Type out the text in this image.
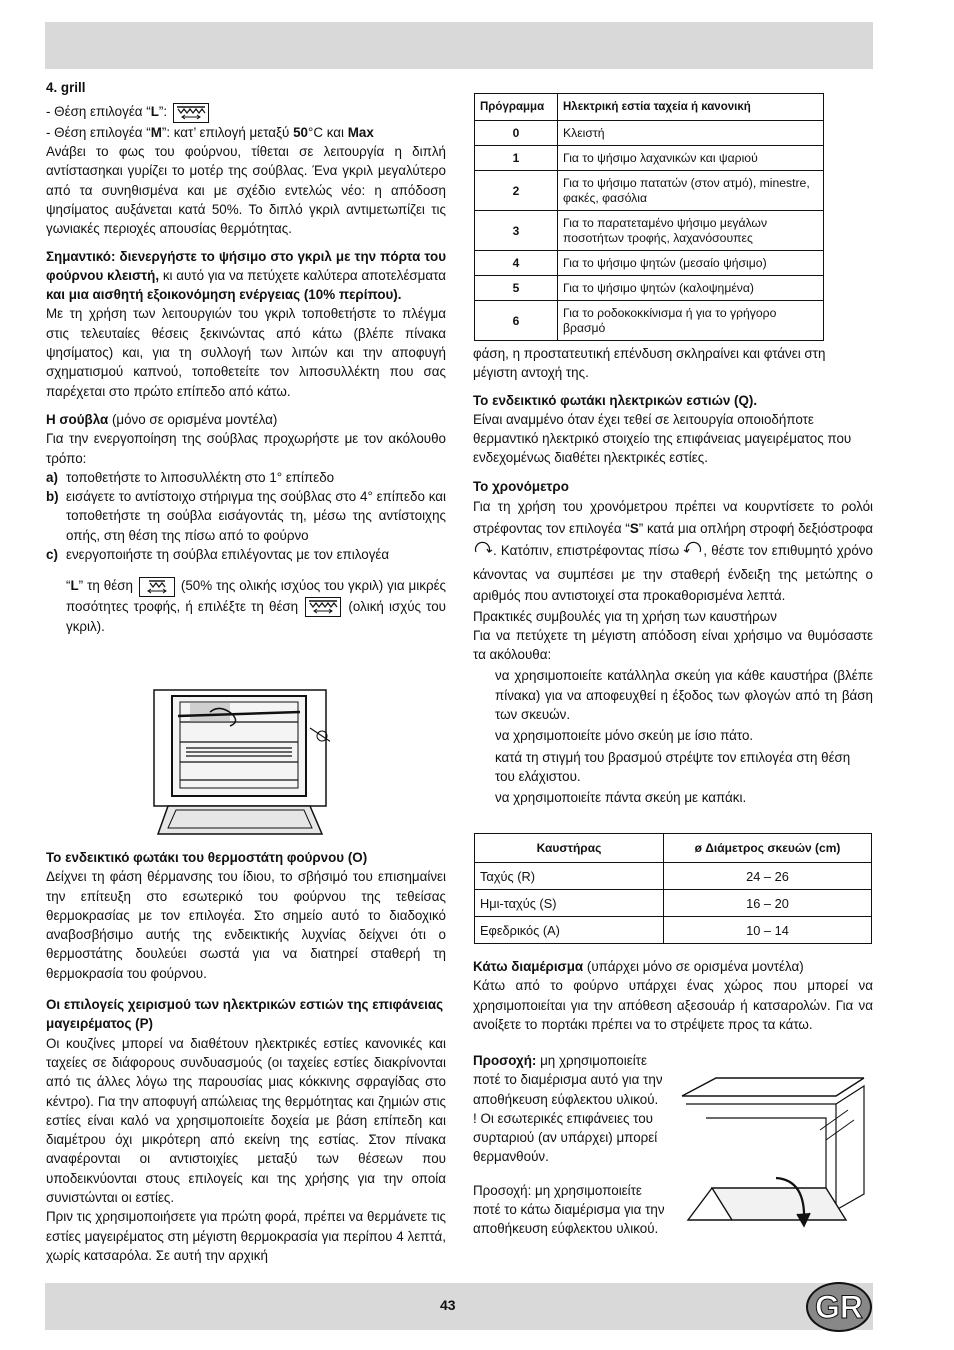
4. grill

- Θέση επιλογέα “L”:

- Θέση επιλογέα “M”: κατ’ επιλογή μεταξύ 50°C και Max

Ανάβει το φως του φούρνου, τίθεται σε λειτουργία η διπλή αντίστασηκαι γυρίζει το μοτέρ της σούβλας. Ένα γκριλ μεγαλύτερο από τα συνηθισμένα και με σχέδιο εντελώς νέο: η απόδοση ψησίματος αυξάνεται κατά 50%. Το διπλό γκριλ αντιμετωπίζει τις γωνιακές περιοχές απουσίας θερμότητας.

Σημαντικό: διενεργήστε το ψήσιμο στο γκριλ με την πόρτα του φούρνου κλειστή, κι αυτό για να πετύχετε καλύτερα αποτελέσματα και μια αισθητή εξοικονόμηση ενέργειας (10% περίπου).

Με τη χρήση των λειτουργιών του γκριλ τοποθετήστε το πλέγμα στις τελευταίες θέσεις ξεκινώντας από κάτω (βλέπε πίνακα ψησίματος) και, για τη συλλογή των λιπών και την αποφυγή σχηματισμού καπνού, τοποθετείτε τον λιποσυλλέκτη που σας παρέχεται στο πρώτο επίπεδο από κάτω.

Η σούβλα (μόνο σε ορισμένα μοντέλα)

Για την ενεργοποίηση της σούβλας προχωρήστε με τον ακόλουθο τρόπο:

a) τοποθετήστε το λιποσυλλέκτη στο 1° επίπεδο
b) εισάγετε το αντίστοιχο στήριγμα της σούβλας στο 4° επίπεδο και τοποθετήστε τη σούβλα εισάγοντάς τη, μέσω της αντίστοιχης οπής, στη θέση της πίσω από το φούρνο
c) ενεργοποιήστε τη σούβλα επιλέγοντας με τον επιλογέα
“L” τη θέση	(50% της ολικής ισχύος του γκριλ) για μικρές ποσότητες τροφής, ή επιλέξτε τη θέση	(ολική ισχύς του γκριλ).

Το ενδεικτικό φωτάκι του θερμοστάτη φούρνου (O)

Δείχνει τη φάση θέρμανσης του ίδιου, το σβήσιμό του επισημαίνει την επίτευξη στο εσωτερικό του φούρνου της τεθείσας θερμοκρασίας με τον επιλογέα. Στο σημείο αυτό το διαδοχικό αναβοσβήσιμο αυτής της ενδεικτικής λυχνίας δείχνει ότι ο θερμοστάτης δουλεύει σωστά για να διατηρεί σταθερή τη θερμοκρασία του φούρνου.

Οι επιλογείς χειρισμού των ηλεκτρικών εστιών της επιφάνειας μαγειρέματος (P)

Οι κουζίνες μπορεί να διαθέτουν ηλεκτρικές εστίες κανονικές και ταχείες σε διάφορους συνδυασμούς (οι ταχείες εστίες διακρίνονται από τις άλλες λόγω της παρουσίας μιας κόκκινης σφραγίδας στο κέντρο). Για την αποφυγή απώλειας της θερμότητας και ζημιών στις εστίες είναι καλό να χρησιμοποιείτε δοχεία με βάση επίπεδη και διαμέτρου όχι μικρότερη από εκείνη της εστίας. Στον πίνακα αναφέρονται οι αντιστοιχίες μεταξύ των θέσεων που υποδεικνύονται στους επιλογείς και της χρήσης για την οποία συνιστώνται οι εστίες.

Πριν τις χρησιμοποιήσετε για πρώτη φορά, πρέπει να θερμάνετε τις εστίες μαγειρέματος στη μέγιστη θερμοκρασία για περίπου 4 λεπτά, χωρίς κατσαρόλα. Σε αυτή την αρχική

Πρόγραμμα	Ηλεκτρική εστία ταχεία ή κανονική
0	Κλειστή
1	Για το ψήσιμο λαχανικών και ψαριού
2	Για το ψήσιμο πατατών (στον ατμό), minestre, φακές, φασόλια
3	Για το παρατεταμένο ψήσιμο μεγάλων ποσοτήτων τροφής, λαχανόσουπες
4	Για το ψήσιμο ψητών (μεσαίο ψήσιμο)
5	Για το ψήσιμο ψητών (καλοψημένα)
6	Για το ροδοκοκκίνισμα ή για το γρήγορο βρασμό

φάση, η προστατευτική επένδυση σκληραίνει και φτάνει στη μέγιστη αντοχή της.

Το ενδεικτικό φωτάκι ηλεκτρικών εστιών (Q).

Είναι αναμμένο όταν έχει τεθεί σε λειτουργία οποιοδήποτε θερμαντικό ηλεκτρικό στοιχείο της επιφάνειας μαγειρέματος που ενδεχομένως διαθέτει ηλεκτρικές εστίες.

Το χρονόμετρο

Για τη χρήση του χρονόμετρου πρέπει να κουρντίσετε το ρολόι στρέφοντας τον επιλογέα “S” κατά μια οπλήρη στροφή δεξιόστροφα . Κατόπιν, επιστρέφοντας πίσω , θέστε τον επιθυμητό χρόνο κάνοντας να συμπέσει με την σταθερή ένδειξη της μετώπης ο αριθμός που αντιστοιχεί στα προκαθορισμένα λεπτά.

Πρακτικές συμβουλές για τη χρήση των καυστήρων

Για να πετύχετε τη μέγιστη απόδοση είναι χρήσιμο να θυμόσαστε τα ακόλουθα:

να χρησιμοποιείτε κατάλληλα σκεύη για κάθε καυστήρα (βλέπε πίνακα) για να αποφευχθεί η έξοδος των φλογών από τη βάση των σκευών.

να χρησιμοποιείτε μόνο σκεύη με ίσιο πάτο.

κατά τη στιγμή του βρασμού στρέψτε τον επιλογέα στη θέση του ελάχιστου.

να χρησιμοποιείτε πάντα σκεύη με καπάκι.

Καυστήρας	ø Διάμετρος σκευών (cm)
Ταχύς (R)	24 – 26
Ημι-ταχύς (S)	16 – 20
Εφεδρικός (A)	10 – 14

Κάτω διαμέρισμα (υπάρχει μόνο σε ορισμένα μοντέλα)

Κάτω από το φούρνο υπάρχει ένας χώρος που μπορεί να χρησιμοποιείται για την απόθεση αξεσουάρ ή κατσαρολών. Για να ανοίξετε το πορτάκι πρέπει να το στρέψετε προς τα κάτω.

Προσοχή: μη χρησιμοποιείτε ποτέ το διαμέρισμα αυτό για την αποθήκευση εύφλεκτου υλικού.

! Οι εσωτερικές επιφάνειες του συρταριού (αν υπάρχει) μπορεί θερμανθούν.

Προσοχή: μη χρησιμοποιείτε ποτέ το κάτω διαμέρισμα για την αποθήκευση εύφλεκτου υλικού.

43	GR
